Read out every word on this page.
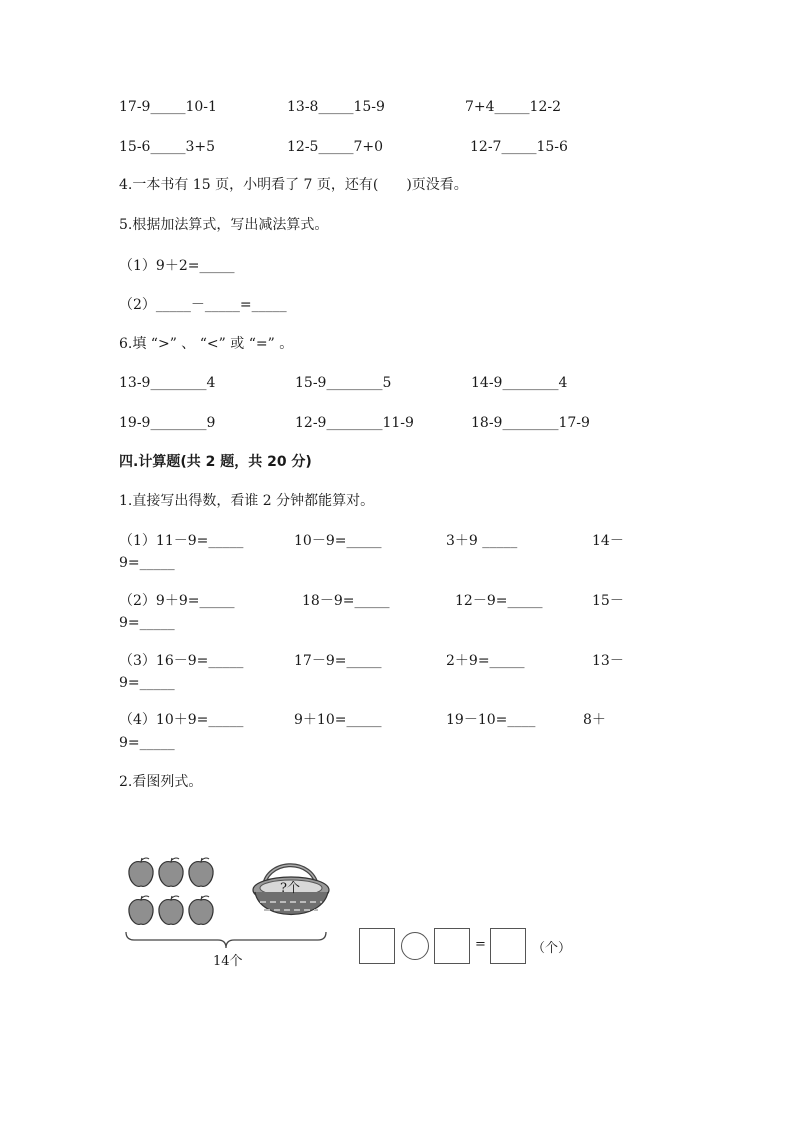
17-9_____10-1	13-8_____15-9	7+4_____12-2
15-6_____3+5	12-5_____7+0	12-7_____15-6
4.一本书有 15 页，小明看了 7 页，还有(　　)页没看。
5.根据加法算式，写出减法算式。
（1）9＋2=_____
（2）_____－_____=_____
6.填 “>” 、 “<” 或 “=” 。
13-9________4	15-9________5	14-9________4
19-9________9	12-9________11-9	18-9________17-9
四.计算题(共 2 题，共 20 分)
1.直接写出得数，看谁 2 分钟都能算对。
（1）11－9=_____	10－9=_____	3＋9 _____	14－
9=_____
（2）9＋9=_____	18－9=_____	12－9=_____	15－
9=_____
（3）16－9=_____	17－9=_____	2＋9=_____	13－
9=_____
（4）10＋9=_____	9＋10=_____	19－10=____	8＋
9=_____
2.看图列式。
?个
14个
=	（个）
